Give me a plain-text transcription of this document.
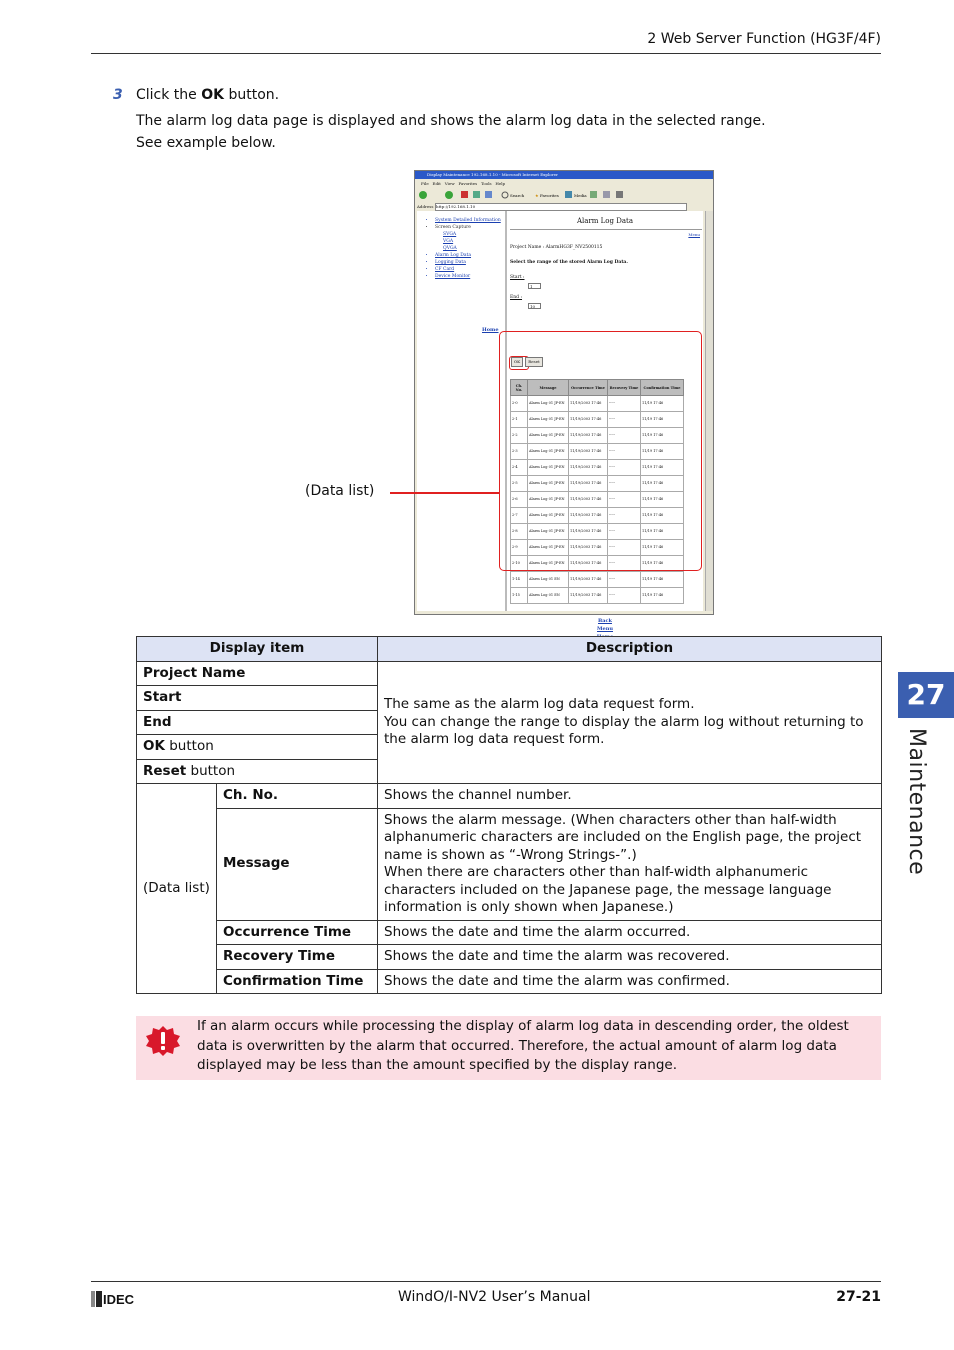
2 Web Server Function (HG3F/4F)
3 Click the OK button.
The alarm log data page is displayed and shows the alarm log data in the selected range.
See example below.
Display Maintenance 192.168.1.10 - Microsoft Internet Explorer
File Edit View Favorites Tools Help
Search	★ Favorites	Media
Address http://192.168.1.10
• System Detailed Information
• Screen Capture
SVGA
VGA
QVGA
• Alarm Log Data
• Logging Data
• CF Card
• Device Monitor
Home
Alarm Log Data
Menu
Project Name : AlarmHG3F_NV2500115
Select the range of the stored Alarm Log Data.
Start :
1
End :
10
OK	Reset
Ch. No.	Message	Occurrence Time	Recovery Time	Confirmation Time
2-0	Alarm Log 01 JP-EN	11/19/2003 17:46	-----	11/19 17:46
2-1	Alarm Log 01 JP-EN	11/19/2003 17:46	-----	11/19 17:46
2-2	Alarm Log 01 JP-EN	11/19/2003 17:46	-----	11/19 17:46
2-3	Alarm Log 01 JP-EN	11/19/2003 17:46	-----	11/19 17:46
2-4	Alarm Log 01 JP-EN	11/19/2003 17:46	-----	11/19 17:46
2-5	Alarm Log 01 JP-EN	11/19/2003 17:46	-----	11/19 17:46
2-6	Alarm Log 01 JP-EN	11/19/2003 17:46	-----	11/19 17:46
2-7	Alarm Log 01 JP-EN	11/19/2003 17:46	-----	11/19 17:46
2-8	Alarm Log 01 JP-EN	11/19/2003 17:46	-----	11/19 17:46
2-9	Alarm Log 01 JP-EN	11/19/2003 17:46	-----	11/19 17:46
2-10	Alarm Log 01 JP-EN	11/19/2003 17:46	-----	11/19 17:46
1-14	Alarm Log 01 EN	11/19/2003 17:46	-----	11/19 17:46
1-15	Alarm Log 01 EN	11/19/2003 17:46	-----	11/19 17:46
Back
Menu
(Data list)
Display item		Description
Project Name		The same as the alarm log data request form.
You can change the range to display the alarm log without returning to the alarm log data request form.

Start		
End		
OK button		
Reset button		
(Data list)	Ch. No.	Shows the channel number.
	Message	Shows the alarm message. (When characters other than half-width alphanumeric characters are included on the English page, the project name is shown as “-Wrong Strings-”.)
When there are characters other than half-width alphanumeric characters included on the Japanese page, the message language information is only shown when Japanese.)

	Occurrence Time	Shows the date and time the alarm occurred.
	Recovery Time	Shows the date and time the alarm was recovered.
	Confirmation Time	Shows the date and time the alarm was confirmed.
If an alarm occurs while processing the display of alarm log data in descending order, the oldest data is overwritten by the alarm that occurred. Therefore, the actual amount of alarm log data displayed may be less than the amount specified by the display range.
27
Maintenance
IDEC	WindO/I-NV2 User’s Manual	27-21
